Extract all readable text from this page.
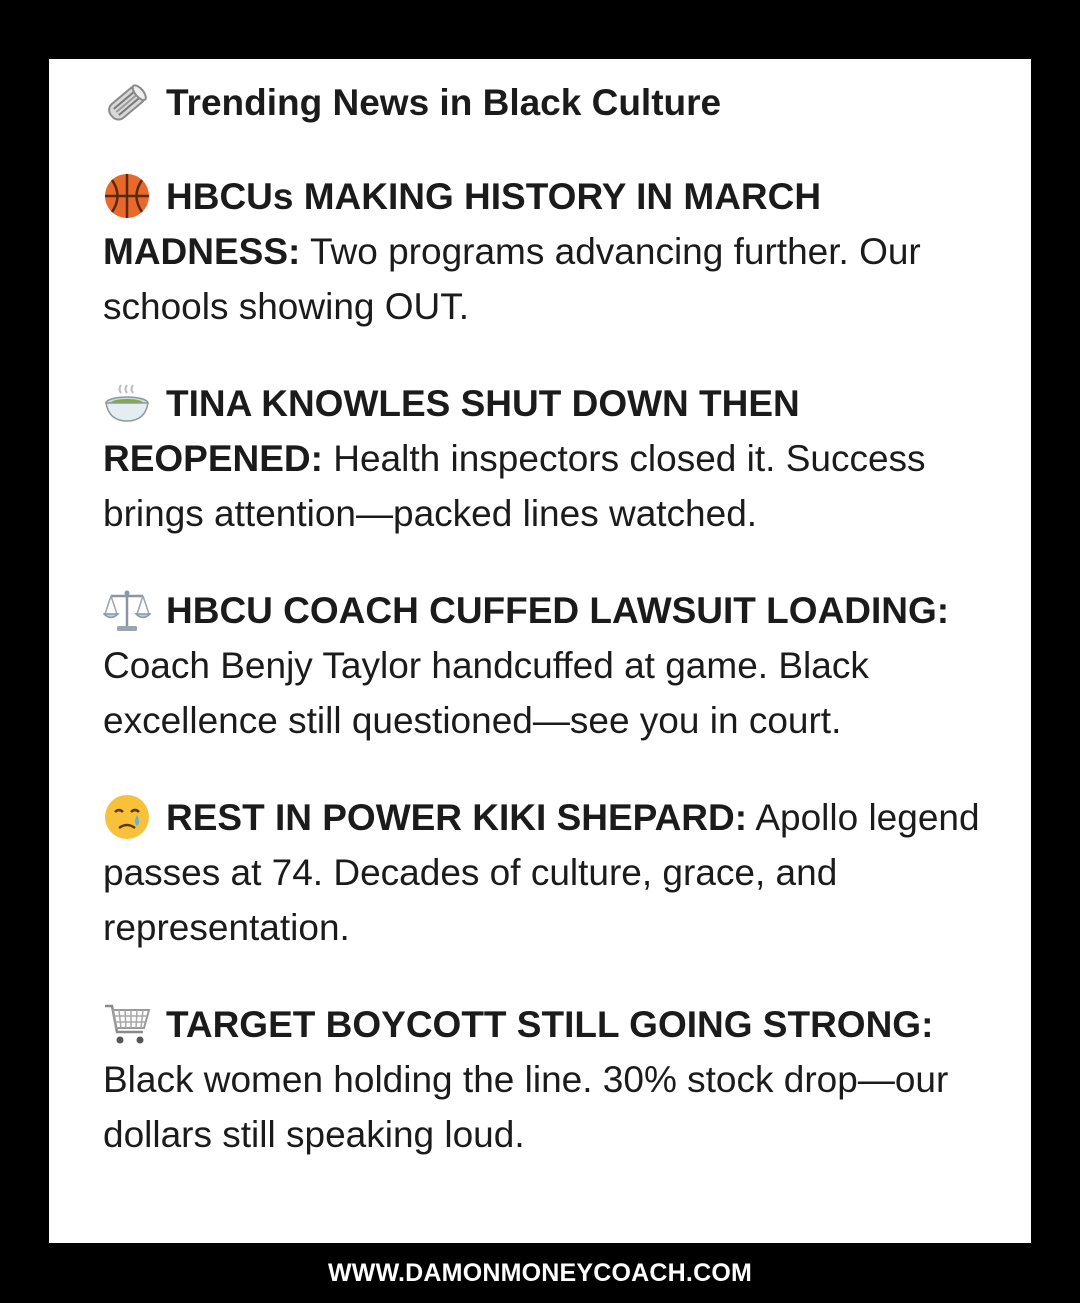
Trending News in Black Culture
HBCUs MAKING HISTORY IN MARCH MADNESS: Two programs advancing further. Our schools showing OUT.
TINA KNOWLES SHUT DOWN THEN REOPENED: Health inspectors closed it. Success brings attention—packed lines watched.
HBCU COACH CUFFED LAWSUIT LOADING: Coach Benjy Taylor handcuffed at game. Black excellence still questioned—see you in court.
REST IN POWER KIKI SHEPARD: Apollo legend passes at 74. Decades of culture, grace, and representation.
TARGET BOYCOTT STILL GOING STRONG: Black women holding the line. 30% stock drop—our dollars still speaking loud.
WWW.DAMONMONEYCOACH.COM
